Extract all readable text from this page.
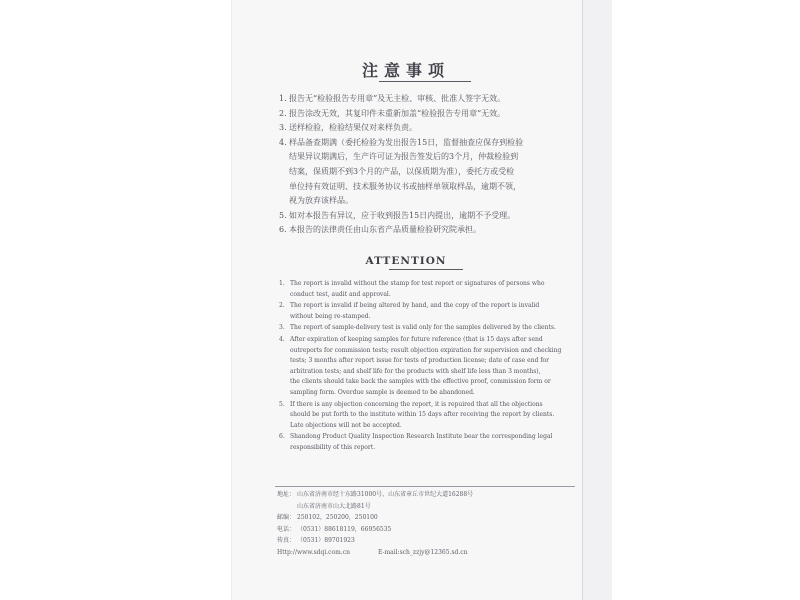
注意事项
1. 报告无“检验报告专用章”及无主检、审核、批准人签字无效。
2. 报告涂改无效，其复印件未重新加盖“检验报告专用章”无效。
3. 送样检验，检验结果仅对来样负责。
4. 样品备查期满（委托检验为发出报告15日，监督抽查应保存到检验
结果异议期满后，生产许可证为报告签发后的3个月，仲裁检验到
结案，保质期不到3个月的产品，以保质期为准），委托方或受检
单位持有效证明、技术服务协议书或抽样单领取样品，逾期不领，
视为放弃该样品。
5. 如对本报告有异议，应于收到报告15日内提出，逾期不予受理。
6. 本报告的法律责任由山东省产品质量检验研究院承担。
ATTENTION
1. The report is invalid without the stamp for test report or signatures of persons who
conduct test, audit and approval.
2. The report is invalid if being altered by hand, and the copy of the report is invalid
without being re-stamped.
3. The report of sample-delivery test is valid only for the samples delivered by the clients.
4. After expiration of keeping samples for future reference (that is 15 days after send
outreports for commission tests; result objection expiration for supervision and checking
tests; 3 months after report issue for tests of production license; date of case end for
arbitration tests; and shelf life for the products with shelf life less than 3 months),
the clients should take back the samples with the effective proof, commission form or
sampling form. Overdue sample is deemed to be abandoned.
5. If there is any objection concerning the report, it is repuired that all the objections
should be put forth to the institute within 15 days after receiving the report by clients.
Late objections will not be accepted.
6. Shandong Product Quality Inspection Research Institute bear the corresponding legal
responsibility of this report.
地址： 山东省济南市经十东路31000号，山东省章丘市世纪大道16288号
山东省济南市山大北路81号
邮编： 250102，250200，250100
电话： （0531）88618119，66956535
传真： （0531）89701923
Http://www.sdqi.com.cn	E-mail:sch_zzjy@12365.sd.cn
